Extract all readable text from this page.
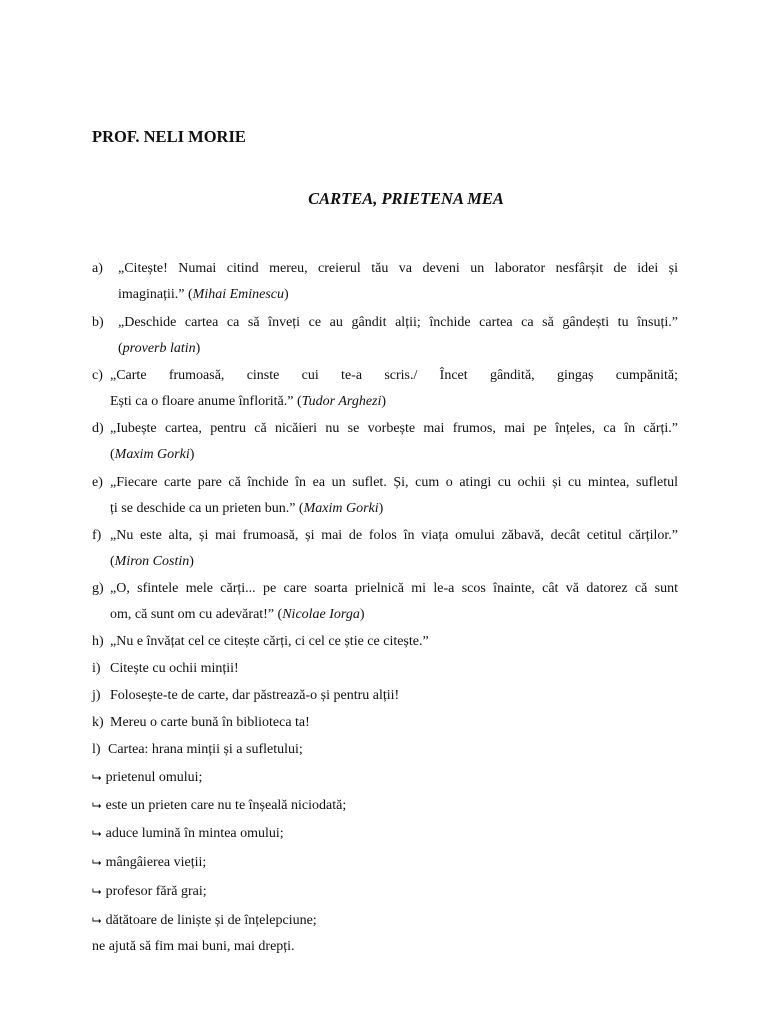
PROF. NELI MORIE
CARTEA, PRIETENA MEA
a) „Citește! Numai citind mereu, creierul tău va deveni un laborator nesfârșit de idei și
imaginații.” (Mihai Eminescu)
b) „Deschide cartea ca să înveți ce au gândit alții; închide cartea ca să gândești tu însuți.”
(proverb latin)
c) „Carte frumoasă, cinste cui te-a scris./ Încet gândită, gingaș cumpănită;
Ești ca o floare anume înflorită.” (Tudor Arghezi)
d) „Iubește cartea, pentru că nicăieri nu se vorbește mai frumos, mai pe înțeles, ca în cărți.”
(Maxim Gorki)
e) „Fiecare carte pare că închide în ea un suflet. Și, cum o atingi cu ochii și cu mintea, sufletul
ți se deschide ca un prieten bun.” (Maxim Gorki)
f) „Nu este alta, și mai frumoasă, și mai de folos în viața omului zăbavă, decât cetitul cărților.”
(Miron Costin)
g) „O, sfintele mele cărți... pe care soarta prielnică mi le-a scos înainte, cât vă datorez că sunt
om, că sunt om cu adevărat!” (Nicolae Iorga)
h) „Nu e învățat cel ce citește cărți, ci cel ce știe ce citește.”
i) Citește cu ochii minții!
j) Folosește-te de carte, dar păstrează-o și pentru alții!
k) Mereu o carte bună în biblioteca ta!
l) Cartea: hrana minții și a sufletului;
⮡ prietenul omului;
⮡ este un prieten care nu te înșeală niciodată;
⮡ aduce lumină în mintea omului;
⮡ mângâierea vieții;
⮡ profesor fără grai;
⮡ dătătoare de liniște și de înțelepciune;
ne ajută să fim mai buni, mai drepți.
